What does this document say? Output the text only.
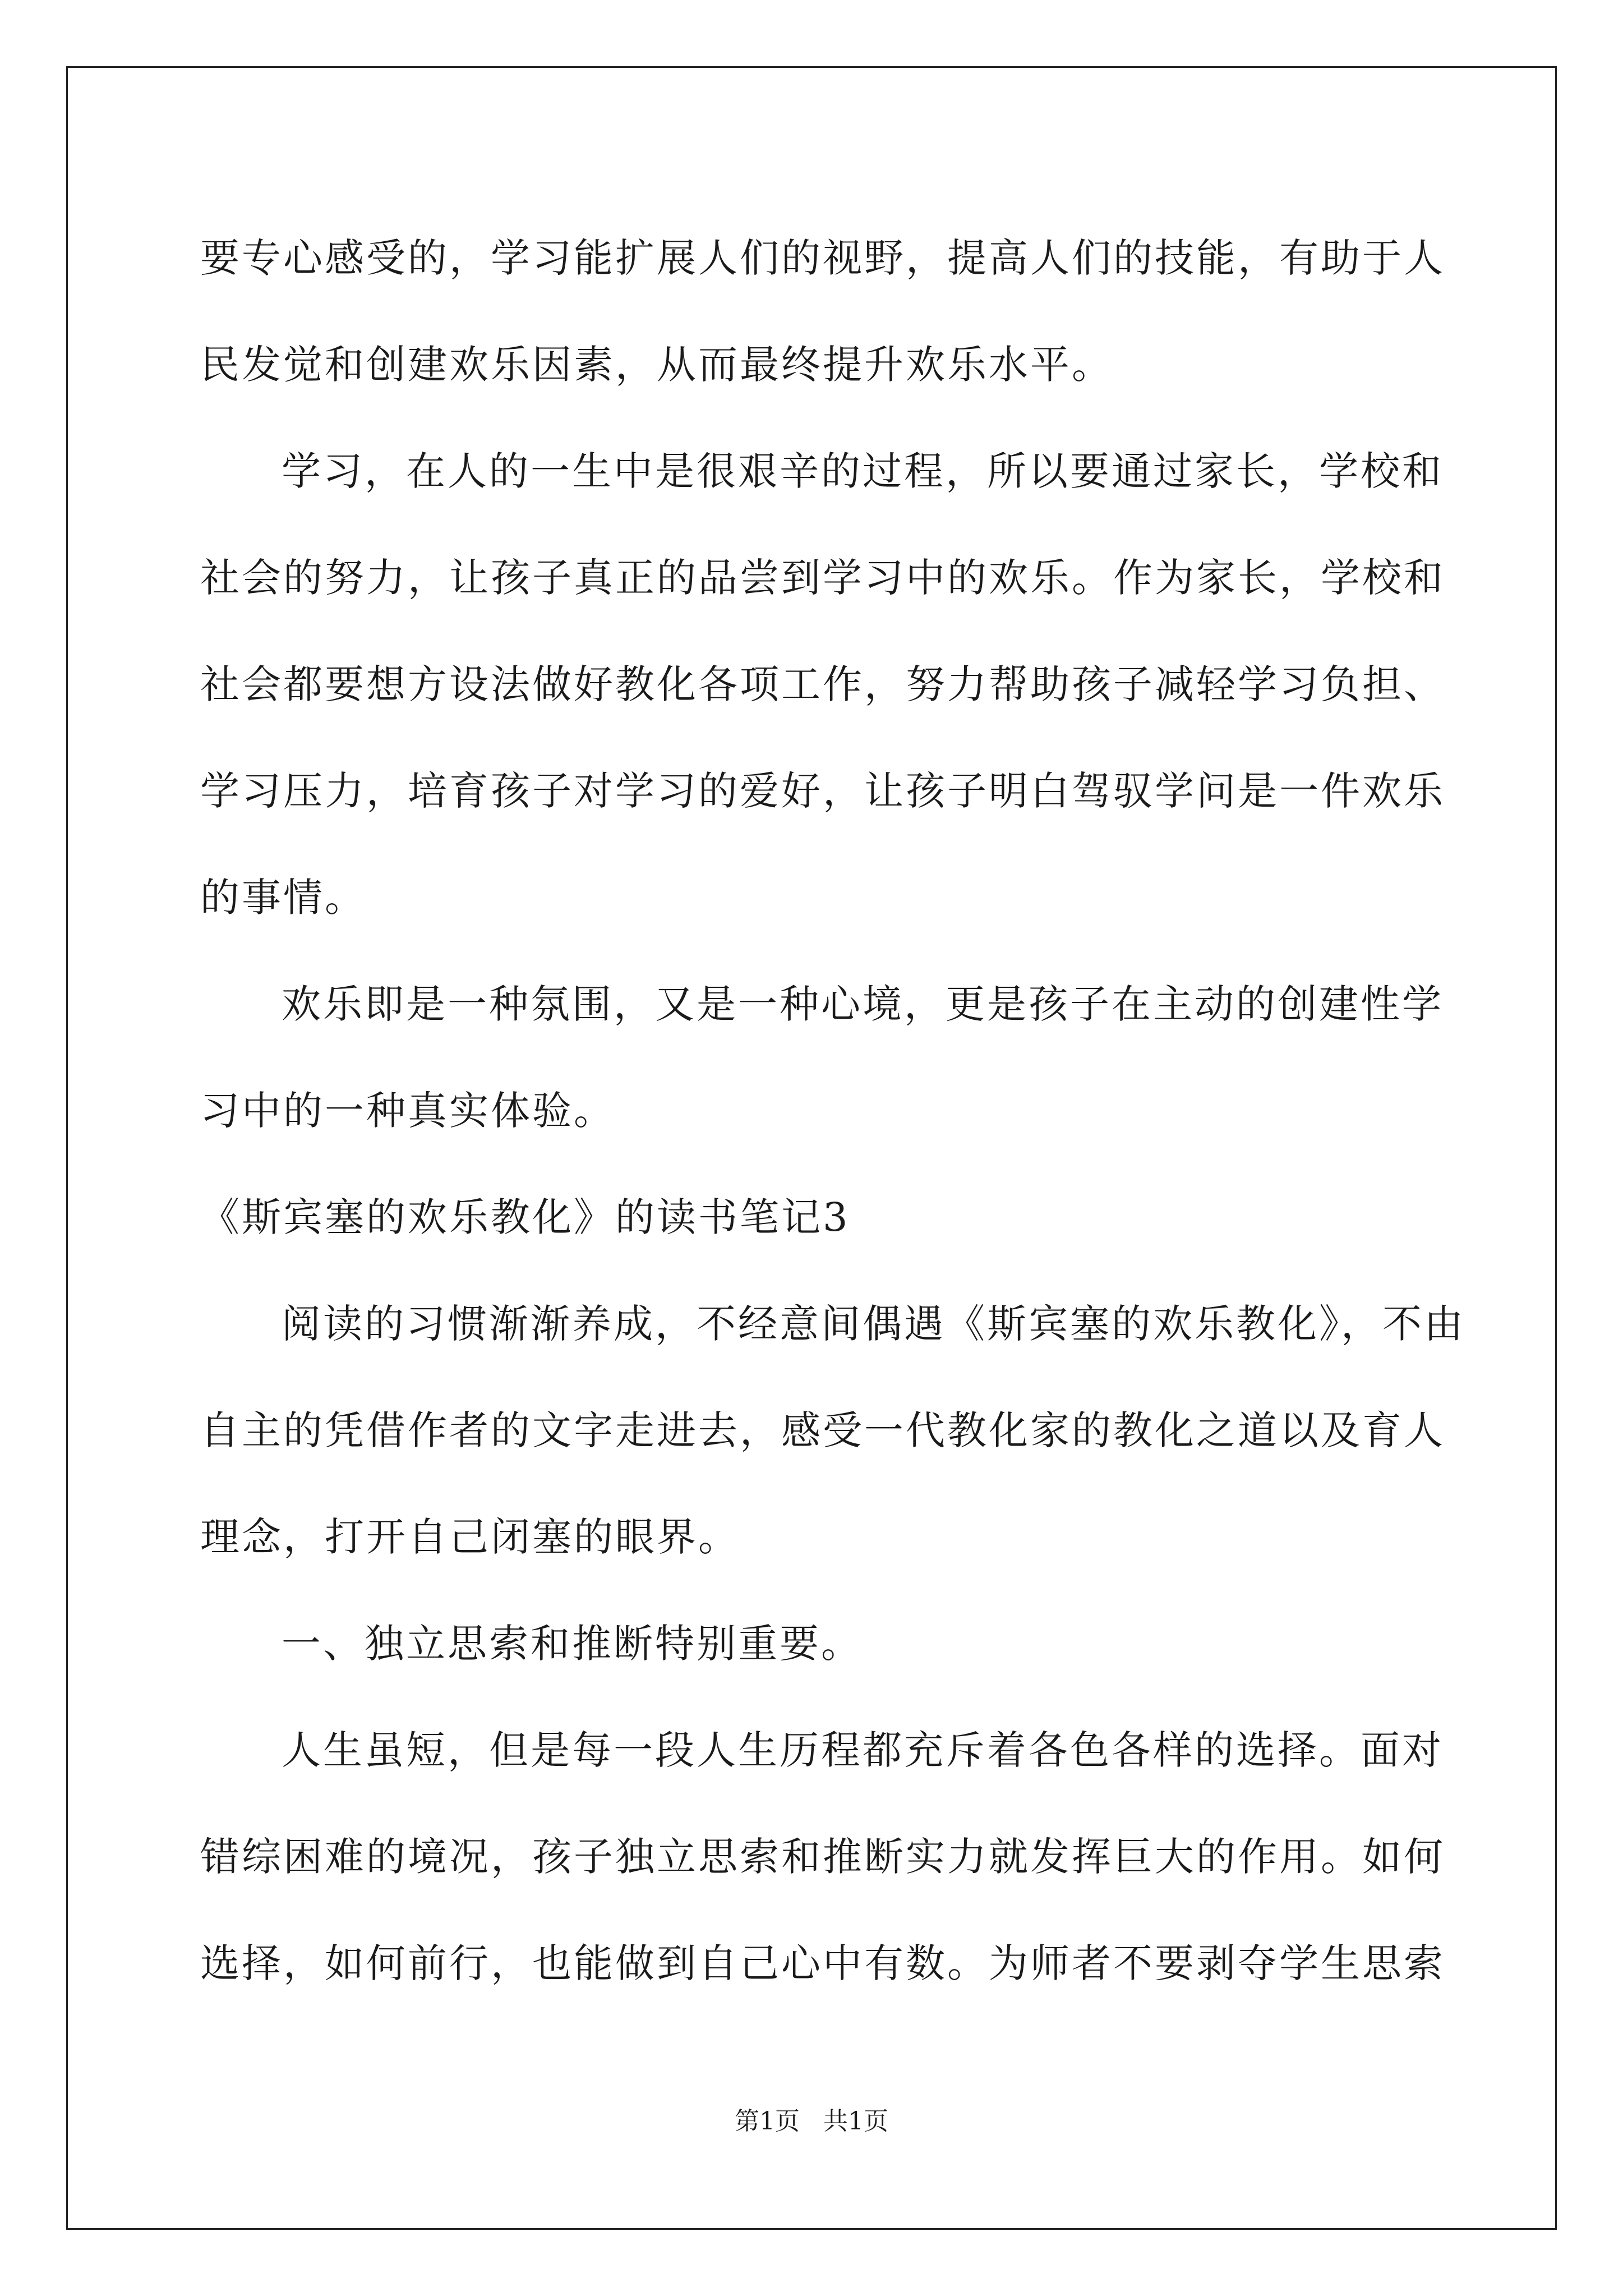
要专心感受的，学习能扩展人们的视野，提高人们的技能，有助于人
民发觉和创建欢乐因素，从而最终提升欢乐水平。
学习，在人的一生中是很艰辛的过程，所以要通过家长，学校和
社会的努力，让孩子真正的品尝到学习中的欢乐。作为家长，学校和
社会都要想方设法做好教化各项工作，努力帮助孩子减轻学习负担、
学习压力，培育孩子对学习的爱好，让孩子明白驾驭学问是一件欢乐
的事情。
欢乐即是一种氛围，又是一种心境，更是孩子在主动的创建性学
习中的一种真实体验。
《斯宾塞的欢乐教化》的读书笔记3
阅读的习惯渐渐养成，不经意间偶遇《斯宾塞的欢乐教化》，不由
自主的凭借作者的文字走进去，感受一代教化家的教化之道以及育人
理念，打开自己闭塞的眼界。
一、独立思索和推断特别重要。
人生虽短，但是每一段人生历程都充斥着各色各样的选择。面对
错综困难的境况，孩子独立思索和推断实力就发挥巨大的作用。如何
选择，如何前行，也能做到自己心中有数。为师者不要剥夺学生思索
第1页   共1页
